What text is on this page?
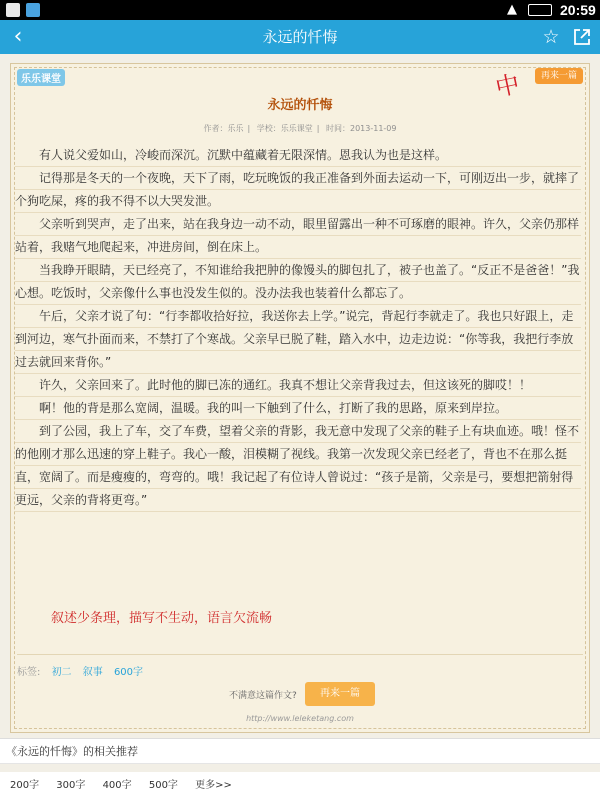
▲	20:59
‹	永远的忏悔	☆
乐乐课堂	中	再来一篇
永远的忏悔
作者：乐乐 | 学校：乐乐课堂 | 时间：2013-11-09

有人说父爱如山，冷峻而深沉。沉默中蕴藏着无限深情。恩我认为也是这样。

记得那是冬天的一个夜晚，天下了雨，吃玩晚饭的我正准备到外面去运动一下，可刚迈出一步，就摔了个狗吃屎，疼的我不得不以大哭发泄。

父亲听到哭声，走了出来，站在我身边一动不动，眼里留露出一种不可琢磨的眼神。许久，父亲仍那样站着，我赌气地爬起来，冲进房间，倒在床上。

当我睁开眼睛，天已经亮了，不知谁给我把肿的像馒头的脚包扎了，被子也盖了。“反正不是爸爸！”我心想。吃饭时，父亲像什么事也没发生似的。没办法我也装着什么都忘了。

午后，父亲才说了句：“行李都收拾好拉，我送你去上学。”说完，背起行李就走了。我也只好跟上，走到河边，寒气扑面而来，不禁打了个寒战。父亲早已脱了鞋，踏入水中，边走边说：“你等我，我把行李放过去就回来背你。”

许久，父亲回来了。此时他的脚已冻的通红。我真不想让父亲背我过去，但这该死的脚哎！！

啊！他的背是那么宽阔，温暖。我的叫一下触到了什么，打断了我的思路，原来到岸拉。

到了公园，我上了车，交了车费，望着父亲的背影，我无意中发现了父亲的鞋子上有块血迹。哦！怪不的他刚才那么迅速的穿上鞋子。我心一酸，泪模糊了视线。我第一次发现父亲已经老了，背也不在那么挺直，宽阔了。而是瘦瘦的，弯弯的。哦！我记起了有位诗人曾说过：“孩子是箭，父亲是弓，要想把箭射得更远，父亲的背将更弯。”

叙述少条理，描写不生动，语言欠流畅
标签: 初二 叙事 600字
不满意这篇作文?	再来一篇
http://www.leleketang.com
《永远的忏悔》的相关推荐
200字 300字 400字 500字 更多>>
